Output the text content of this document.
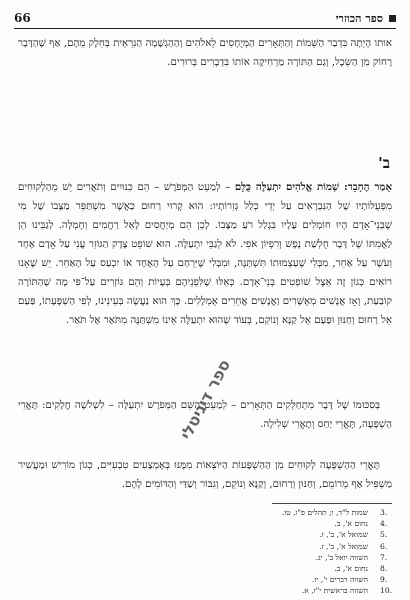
ספר הכוזרי
66

אותו הָיְתָה בִּדְבַר הַשֵּׁמוֹת וְהַתְּאָרִים הַמְּיֻחָסִים לֵאלֹהִים וְהַהַגְשָׁמָה הַנִּרְאֵית בְּחֵלֶק מֵהֶם, אַף שֶׁהַדָּבָר רָחוֹק מִן הַשֵּׂכֶל, וְגַם הַתּוֹרָה מַרְחִיקָה אוֹתוֹ בִּדְבָרִים בְּרוּרִים.

ב'

אָמַר הֶחָבֵר: שְׁמוֹת אֱלֹהִים יִתְעַלֶּה כֻּלָּם – לְמַעֵט הַמְּפֹרָשׁ – הֵם כִּנּוּיִים וְתֹאֲרִים יֵשׁ מֵהַלְקוּחִים מִפְּעֻלּוֹתָיו שֶׁל הַנִּבְרָאִים עַל יְדֵי כְּלַל גְּזֵרוֹתָיו: הוּא קָרוּי רַחוּם כַּאֲשֶׁר מִשְׁתַּפֵּר מַצָּבוֹ שֶׁל מִי שֶׁבְּנֵי־אָדָם הָיוּ חוֹמְלִים עָלָיו בִּגְלַל רֹעַ מַצָּבוֹ. לָכֵן הֵם מְיַחֲסִים לָאֵל רַחֲמִים וְחֶמְלָה. לְגַבֵּינוּ הֵן לַאֲמִתּוֹ שֶׁל דָּבָר חֻלְשַׁת נֶפֶשׁ וְרִפְיוֹן אֹפִי. לֹא לְגַבֵּי יִתְעַלֶּה. הוּא שׁוֹפֵט צֶדֶק הַגּוֹזֵר עֲנִי עַל אָדָם אֶחָד וְעֹשֶׁר עַל אַחֵר, מִבְּלִי שֶׁעַצְמוּתוֹ תִּשְׁתַּנֶּה, וּמִבְּלִי שֶׁיִּרְחַם עַל הָאֶחָד אוֹ יִכְעַס עַל הָאַחֵר. יֵשׁ שֶׁאָנוּ רוֹאִים כְּגוֹן זֶה אֵצֶל שׁוֹפְטִים בְּנֵי־אָדָם. כְּאֵלּוּ שֶׁלִּפְנֵיהֶם בְּעָיוֹת וְהֵם גּוֹזְרִים עַל־פִּי מָה שֶׁהַתּוֹרָה קוֹבַעַת, וְאָז אֲנָשִׁים מְאֻשָּׁרִים וַאֲנָשִׁים אֲחֵרִים אֻמְלָלִים. כָּךְ הוּא נַעֲשֶׂה בְּעֵינֵינוּ, לְפִי הַשְׁפָּעָתוֹ, פַּעַם אֵל רַחוּם וְחַנּוּן וּפַעַם אֵל קַנָּא וְנוֹקֵם, בְּעוֹד שֶׁהוּא יִתְעַלֶּה אֵינוֹ מִשְׁתַּנֶּה מִתֹּאַר אֶל תֹּאַר.

בְּסִכּוּמוֹ שֶׁל דָּבָר מִתְחַלְּקִים הַתְּאָרִים – לְמַעֵט הַשֵּׁם הַמְּפֹרָשׁ יִתְעַלֶּה – לִשְׁלֹשָׁה חֲלָקִים: תָּאֳרֵי הַשְׁפָּעָה, תָּאֳרֵי יַחַס וְתָאֳרֵי שְׁלִילָה.

תָּאֳרֵי הַהַשְׁפָּעָה לְקוּחִים מִן הַהַשְׁפָּעוֹת הַיּוֹצְאוֹת מִמֶּנּוּ בְּאֶמְצָעִים טִבְעִיִּים, כְּגוֹן מוֹרִישׁ וּמַעֲשִׁיר מַשְׁפִּיל אַף מְרוֹמֵם, וְחַנּוּן וְרַחוּם, וְקַנָּא וְנוֹקֵם, וְגִבּוֹר וְשַׁדַּי וְהַדּוֹמִים לָהֶם.

ספר דיגיטלי
3.
שמות ל"ד, ו; תהלים פ"ו, טו.
4.
נחום א', ב.
5.
שמואל א', ב', ז.
6.
שמואל א', ב', ז.
7.
השווה יואל ב', יג.
8.
נחום א', ב.
9.
השווה דברים י', יז.
10.
השווה בראשית י"ז, א.
